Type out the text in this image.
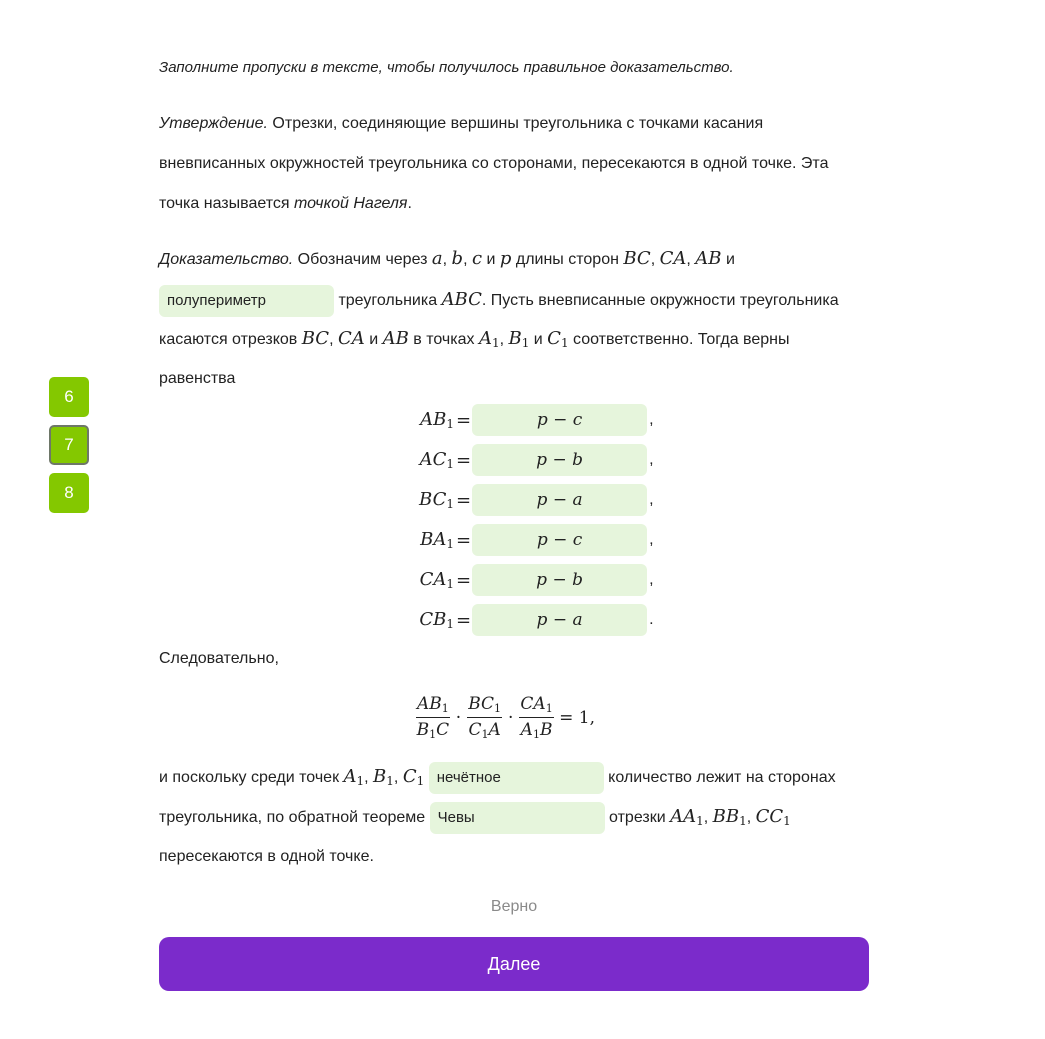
6
7
8
Заполните пропуски в тексте, чтобы получилось правильное доказательство.
Утверждение. Отрезки, соединяющие вершины треугольника с точками касания
вневписанных окружностей треугольника со сторонами, пересекаются в одной точке. Эта
точка называется точкой Нагеля.
Доказательство. Обозначим через a, b, c и p длины сторон BC, CA, AB и
полупериметр	треугольника ABC. Пусть вневписанные окружности треугольника
касаются отрезков BC, CA и AB в точках $A_1$, $B_1$ и $C_1$ соответственно. Тогда верны
равенства
$AB_1$ =	p − c	,
$AC_1$ =	p − b	,
$BC_1$ =	p − a	,
$BA_1$ =	p − c	,
$CA_1$ =	p − b	,
$CB_1$ =	p − a	.
Следовательно,
$\frac{AB_1}{B_1C} \cdot \frac{BC_1}{C_1A} \cdot \frac{CA_1}{A_1B} = 1$,
и поскольку среди точек $A_1$, $B_1$, $C_1$ нечётное	количество лежит на сторонах
треугольника, по обратной теореме Чевы	отрезки $AA_1$, $BB_1$, $CC_1$
пересекаются в одной точке.
Верно
Далее
